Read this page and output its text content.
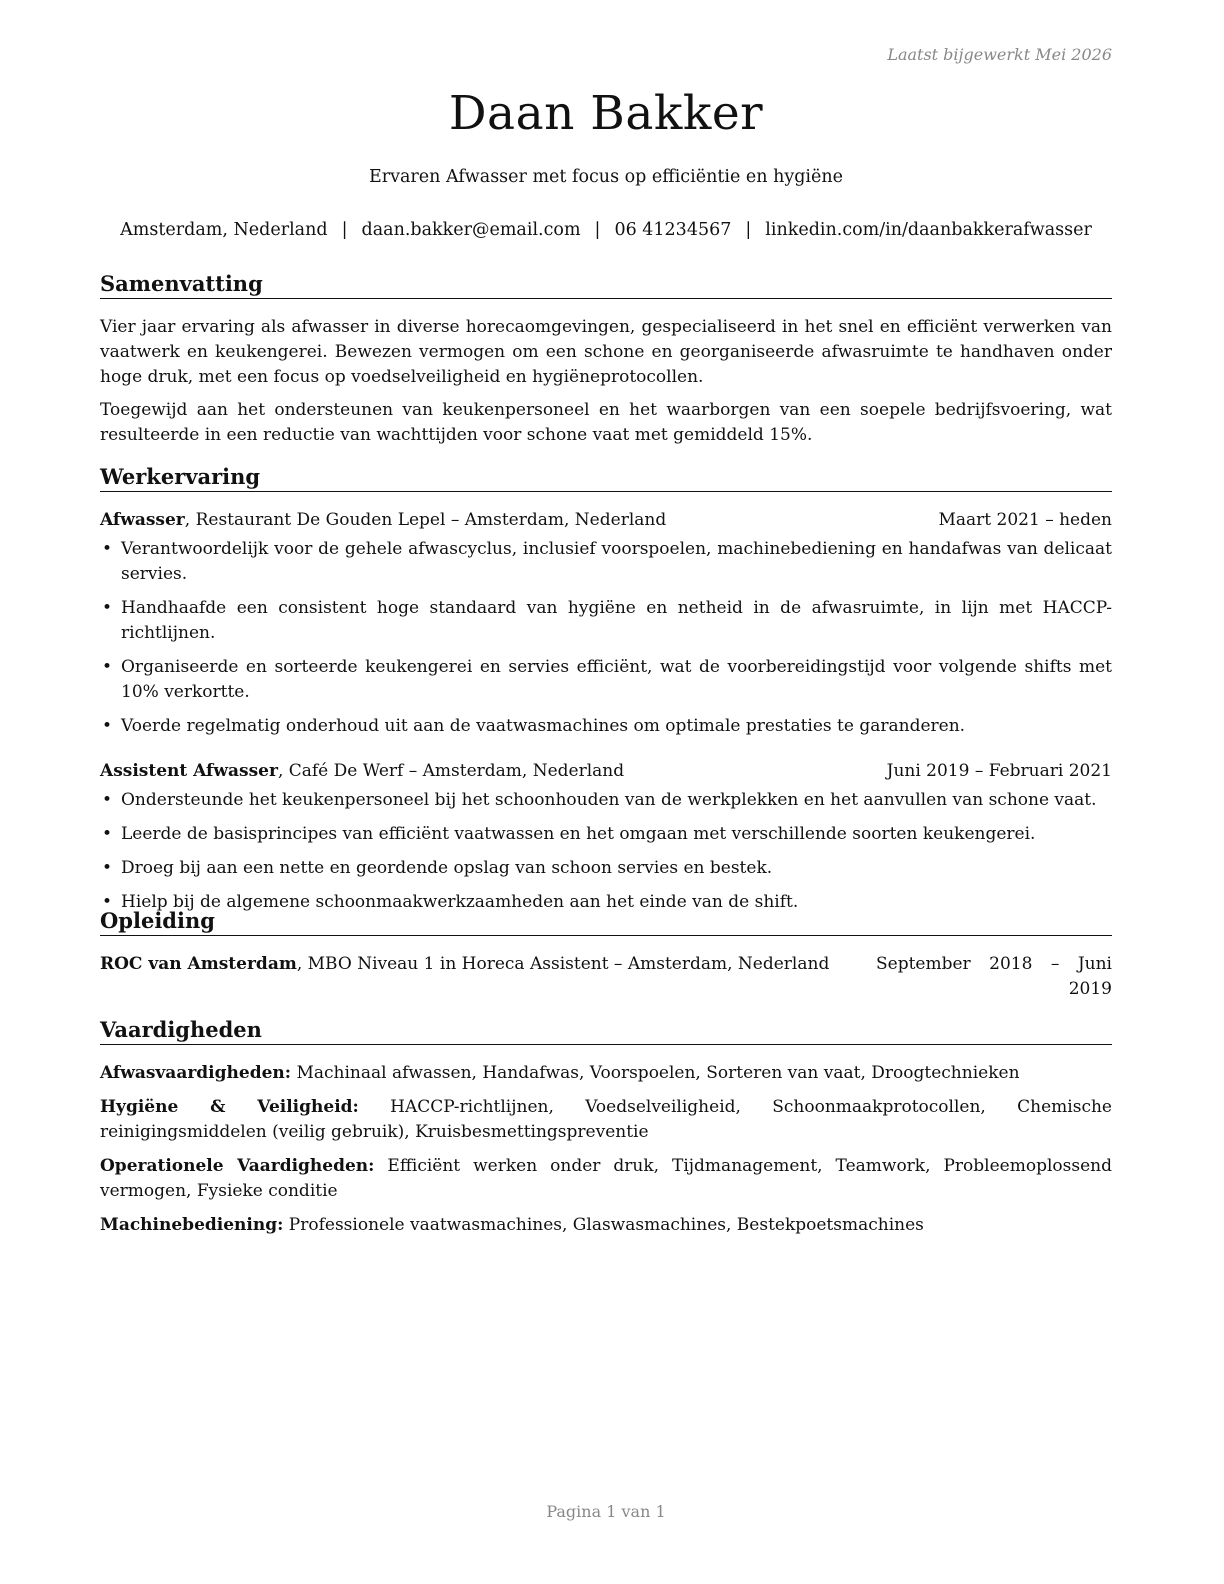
Laatst bijgewerkt Mei 2026
Daan Bakker
Ervaren Afwasser met focus op efficiëntie en hygiëne
Amsterdam, Nederland | daan.bakker@email.com | 06 41234567 | linkedin.com/in/daanbakkerafwasser
Samenvatting

Vier jaar ervaring als afwasser in diverse horecaomgevingen, gespecialiseerd in het snel en efficiënt verwerken van vaatwerk en keukengerei. Bewezen vermogen om een schone en georganiseerde afwasruimte te handhaven onder hoge druk, met een focus op voedselveiligheid en hygiëneprotocollen.

Toegewijd aan het ondersteunen van keukenpersoneel en het waarborgen van een soepele bedrijfsvoering, wat resulteerde in een reductie van wachttijden voor schone vaat met gemiddeld 15%.

Werkervaring
Afwasser, Restaurant De Gouden Lepel – Amsterdam, Nederland	Maart 2021 – heden
• Verantwoordelijk voor de gehele afwascyclus, inclusief voorspoelen, machinebediening en handafwas van delicaat servies.
• Handhaafde een consistent hoge standaard van hygiëne en netheid in de afwasruimte, in lijn met HACCP-richtlijnen.
• Organiseerde en sorteerde keukengerei en servies efficiënt, wat de voorbereidingstijd voor volgende shifts met 10% verkortte.
• Voerde regelmatig onderhoud uit aan de vaatwasmachines om optimale prestaties te garanderen.
Assistent Afwasser, Café De Werf – Amsterdam, Nederland	Juni 2019 – Februari 2021
• Ondersteunde het keukenpersoneel bij het schoonhouden van de werkplekken en het aanvullen van schone vaat.
• Leerde de basisprincipes van efficiënt vaatwassen en het omgaan met verschillende soorten keukengerei.
• Droeg bij aan een nette en geordende opslag van schoon servies en bestek.
• Hielp bij de algemene schoonmaakwerkzaamheden aan het einde van de shift.
Opleiding
ROC van Amsterdam, MBO Niveau 1 in Horeca Assistent – Amsterdam, Nederland	September 2018 – Juni 2019
Vaardigheden
Afwasvaardigheden: Machinaal afwassen, Handafwas, Voorspoelen, Sorteren van vaat, Droogtechnieken
Hygiëne & Veiligheid: HACCP-richtlijnen, Voedselveiligheid, Schoonmaakprotocollen, Chemische reinigingsmiddelen (veilig gebruik), Kruisbesmettingspreventie
Operationele Vaardigheden: Efficiënt werken onder druk, Tijdmanagement, Teamwork, Probleemoplossend vermogen, Fysieke conditie
Machinebediening: Professionele vaatwasmachines, Glaswasmachines, Bestekpoetsmachines
Pagina 1 van 1
